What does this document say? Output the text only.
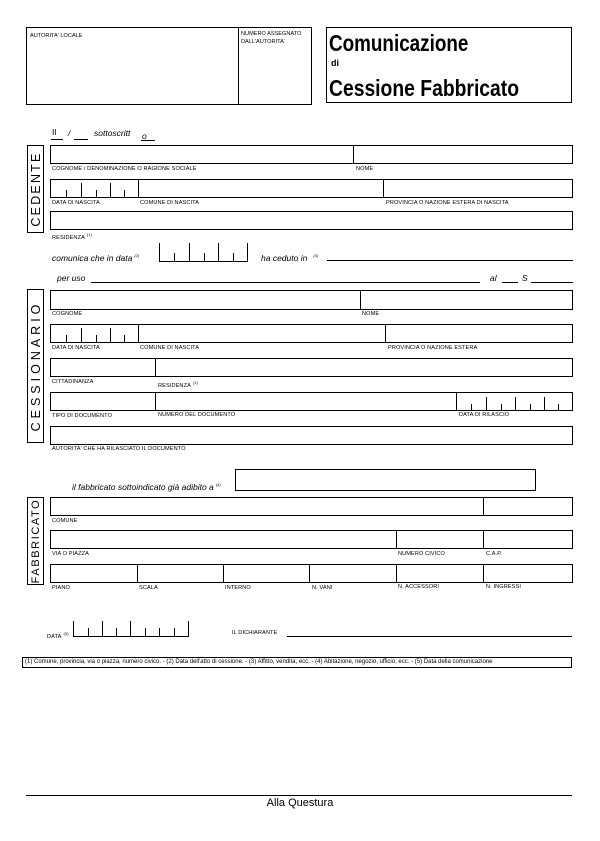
AUTORITA' LOCALE	NUMERO ASSEGNATO
DALL'AUTORITA' Comunicazione
di
Cessione Fabbricato
Il /	sottoscritt o
CEDENTE COGNOME / DENOMINAZIONE O RAGIONE SOCIALE	NOME
DATA DI NASCITA	COMUNE DI NASCITA	PROVINCIA O NAZIONE ESTERA DI NASCITA
RESIDENZA$^{(1)}$
comunica che in data $^{(2)}$	ha ceduto in $^{(3)}$
per uso	al	S
CESSIONARIO COGNOME	NOME
DATA DI NASCITA	COMUNE DI NASCITA	PROVINCIA O NAZIONE ESTERA
CITTADINANZA
RESIDENZA$^{(1)}$
TIPO DI DOCUMENTO	NUMERO DEL DOCUMENTO	DATA DI RILASCIO
AUTORITA' CHE HA RILASCIATO IL DOCUMENTO
il fabbricato sottoindicato già adibito a $^{(4)}$
FABBRICATO COMUNE
VIA O PIAZZA	NUMERO CIVICO	C.A.P.
PIANO	SCALA	INTERNO	N. VANI	N. ACCESSORI	N. INGRESSI
DATA$^{(5)}$	IL DICHIARANTE
(1) Comune, provincia, via o piazza, numero civico. - (2) Data dell'atto di cessione. - (3) Affitto, vendita, ecc. - (4) Abitazione, negozio, ufficio, ecc. - (5) Data della comunicazione
Alla Questura
